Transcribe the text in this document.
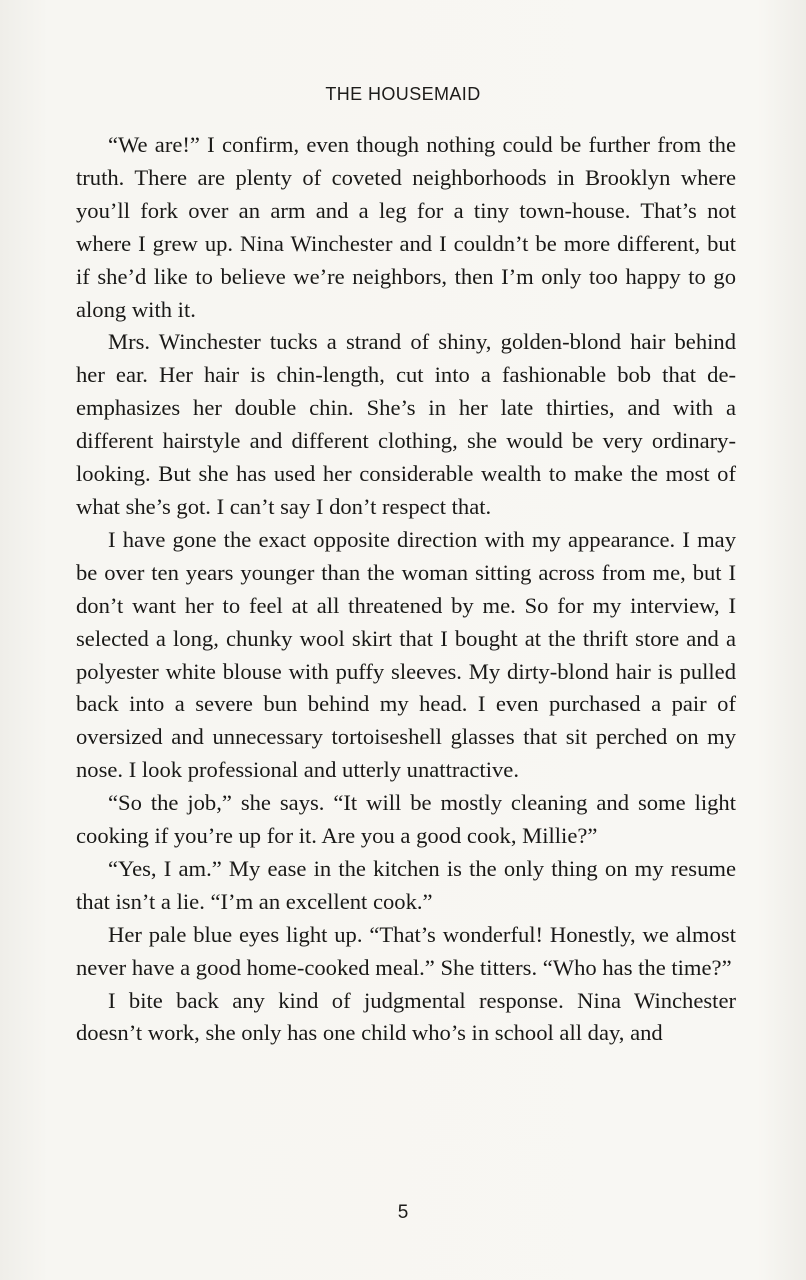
THE HOUSEMAID

“We are!” I confirm, even though nothing could be further from the truth. There are plenty of coveted neighborhoods in Brooklyn where you’ll fork over an arm and a leg for a tiny town-house. That’s not where I grew up. Nina Winchester and I couldn’t be more different, but if she’d like to believe we’re neighbors, then I’m only too happy to go along with it.

Mrs. Winchester tucks a strand of shiny, golden-blond hair behind her ear. Her hair is chin-length, cut into a fashionable bob that de-emphasizes her double chin. She’s in her late thirties, and with a different hairstyle and different clothing, she would be very ordinary-looking. But she has used her considerable wealth to make the most of what she’s got. I can’t say I don’t respect that.

I have gone the exact opposite direction with my appearance. I may be over ten years younger than the woman sitting across from me, but I don’t want her to feel at all threatened by me. So for my interview, I selected a long, chunky wool skirt that I bought at the thrift store and a polyester white blouse with puffy sleeves. My dirty-blond hair is pulled back into a severe bun behind my head. I even purchased a pair of oversized and unnecessary tortoiseshell glasses that sit perched on my nose. I look professional and utterly unattractive.

“So the job,” she says. “It will be mostly cleaning and some light cooking if you’re up for it. Are you a good cook, Millie?”

“Yes, I am.” My ease in the kitchen is the only thing on my resume that isn’t a lie. “I’m an excellent cook.”

Her pale blue eyes light up. “That’s wonderful! Honestly, we almost never have a good home-cooked meal.” She titters. “Who has the time?”

I bite back any kind of judgmental response. Nina Winchester doesn’t work, she only has one child who’s in school all day, and

5
